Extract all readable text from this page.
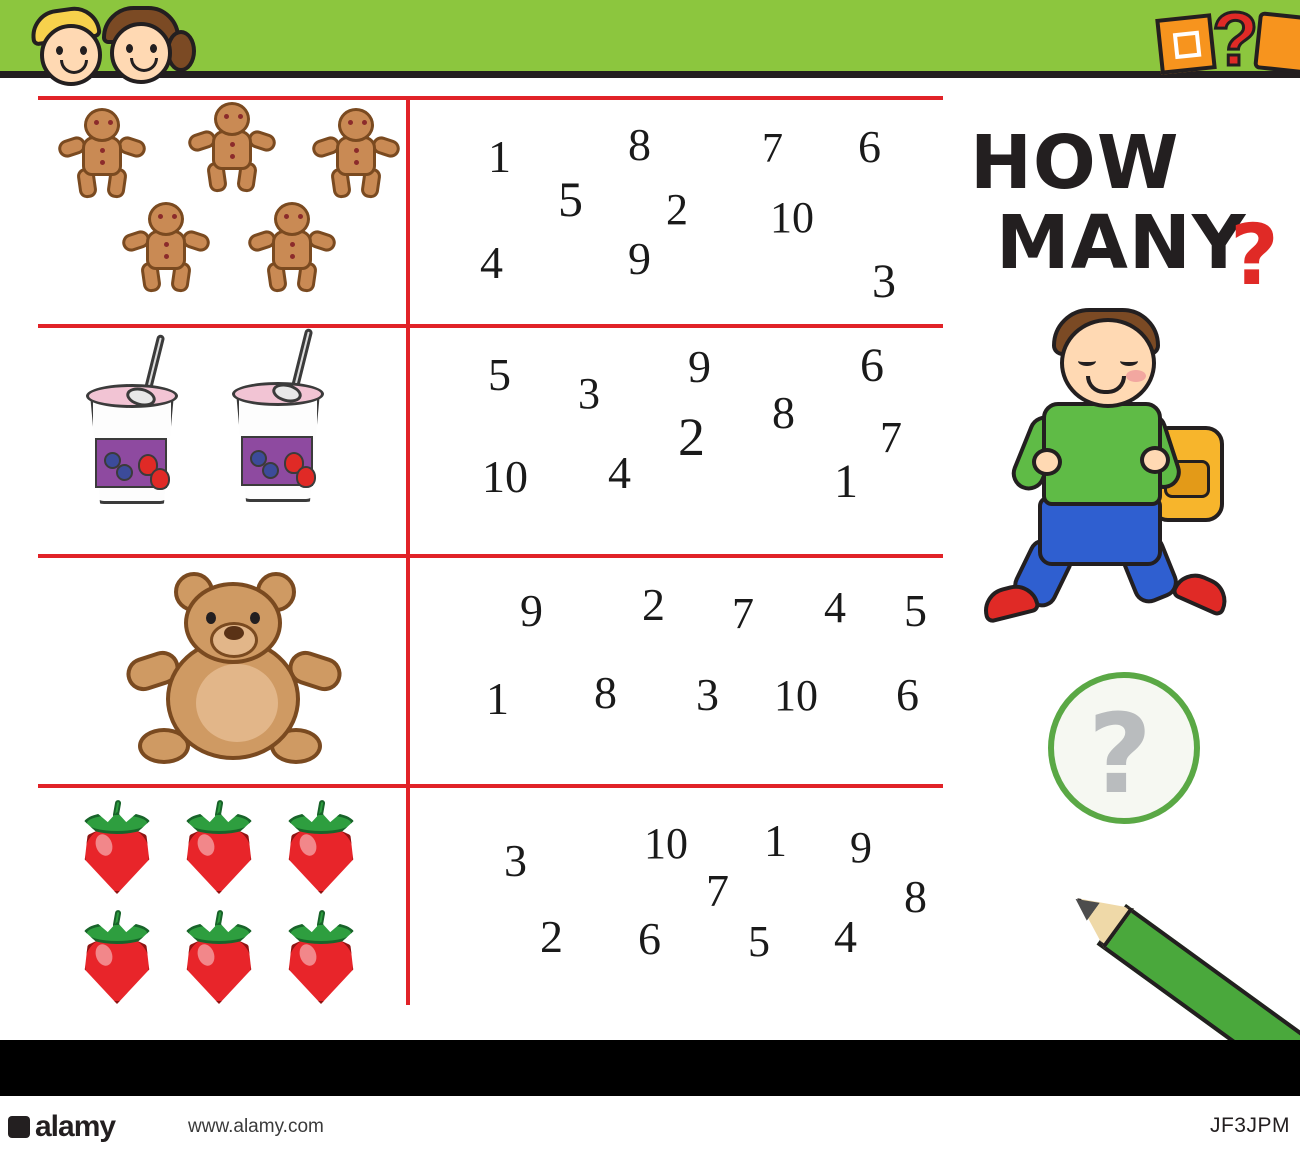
?
1	8	7 6
5 2 10
4	9	3
5 3
9	6
2 8
10 4
7
1
9 2 7 4 5
1 8 3 10 6
3	10 1 9
7	8
2 6 5 4
HOW
MANY
?
?
alamy	www.alamy.com	JF3JPM
